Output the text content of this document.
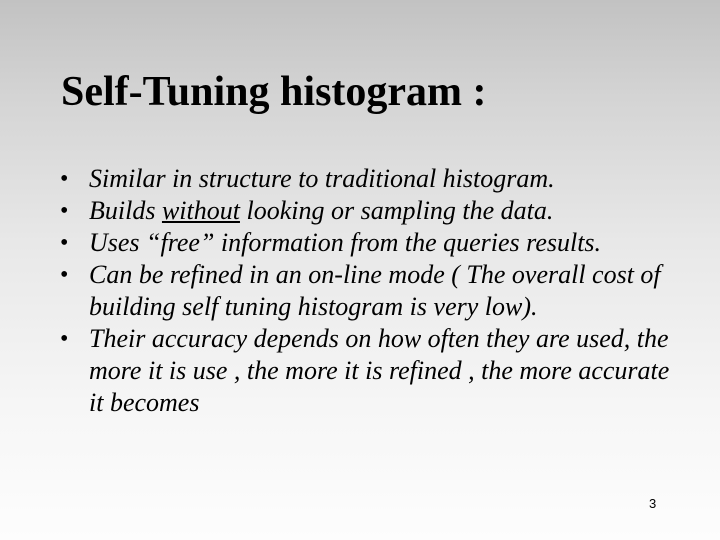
Self-Tuning histogram :
• Similar in structure to traditional histogram.
• Builds without looking or sampling the data.
• Uses “free” information from the queries results.
• Can be refined in an on-line mode ( The overall cost of building self tuning histogram is very low).
• Their accuracy depends on how often they are used, the more it is use , the more it is refined , the more accurate it becomes
3
